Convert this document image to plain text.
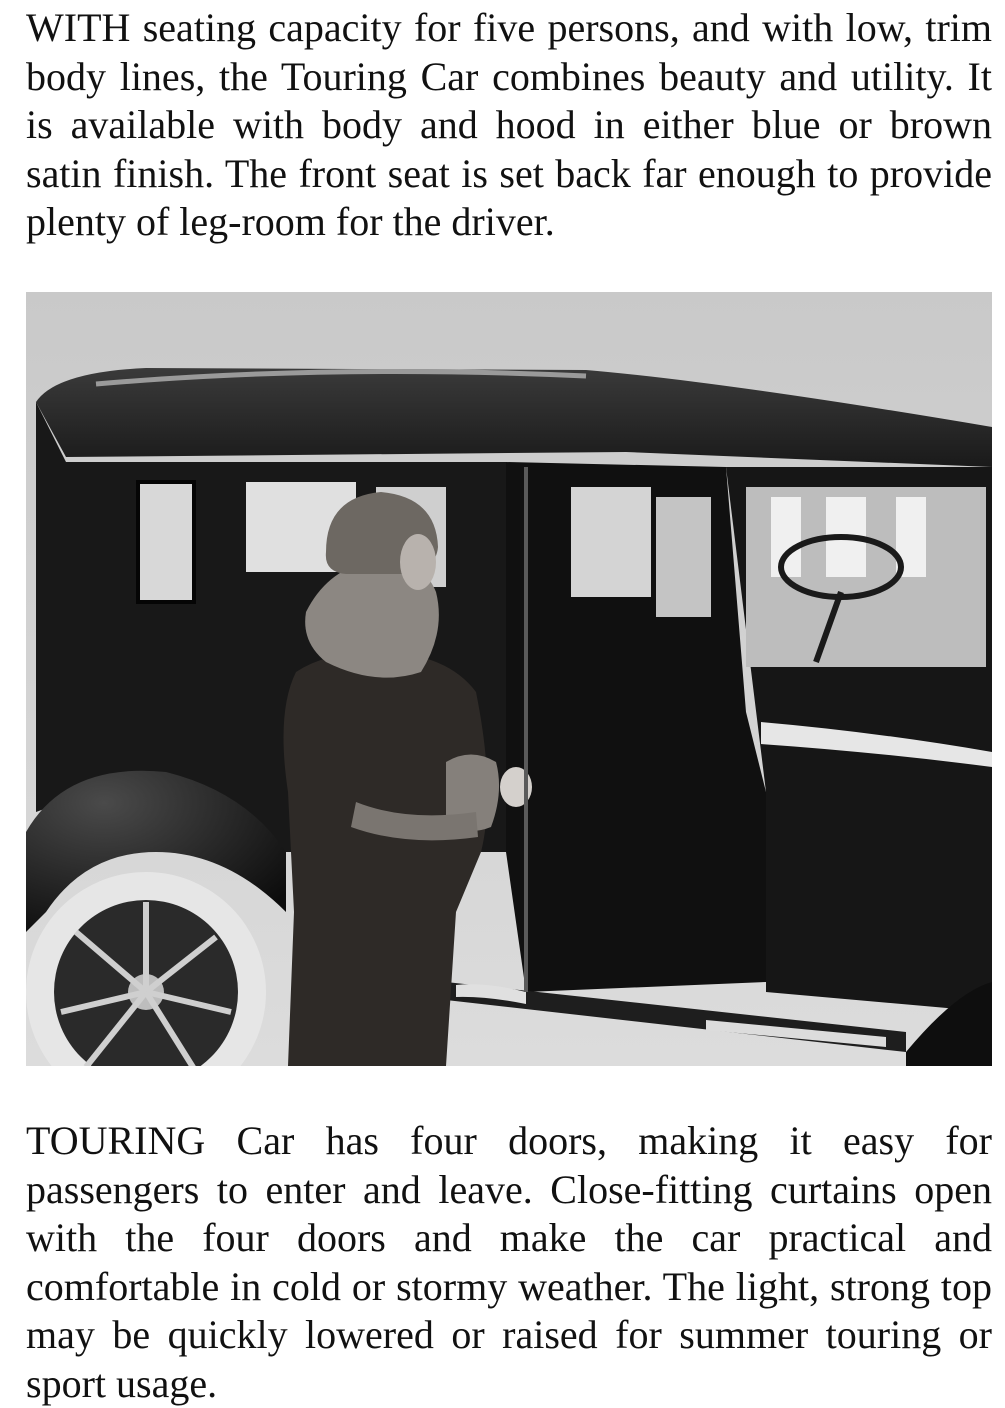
WITH seating capacity for five persons, and with low, trim body lines, the Touring Car combines beauty and utility. It is available with body and hood in either blue or brown satin finish. The front seat is set back far enough to provide plenty of leg-room for the driver.

TOURING Car has four doors, making it easy for passengers to enter and leave. Close-fitting curtains open with the four doors and make the car practical and comfortable in cold or stormy weather. The light, strong top may be quickly lowered or raised for summer touring or sport usage.
